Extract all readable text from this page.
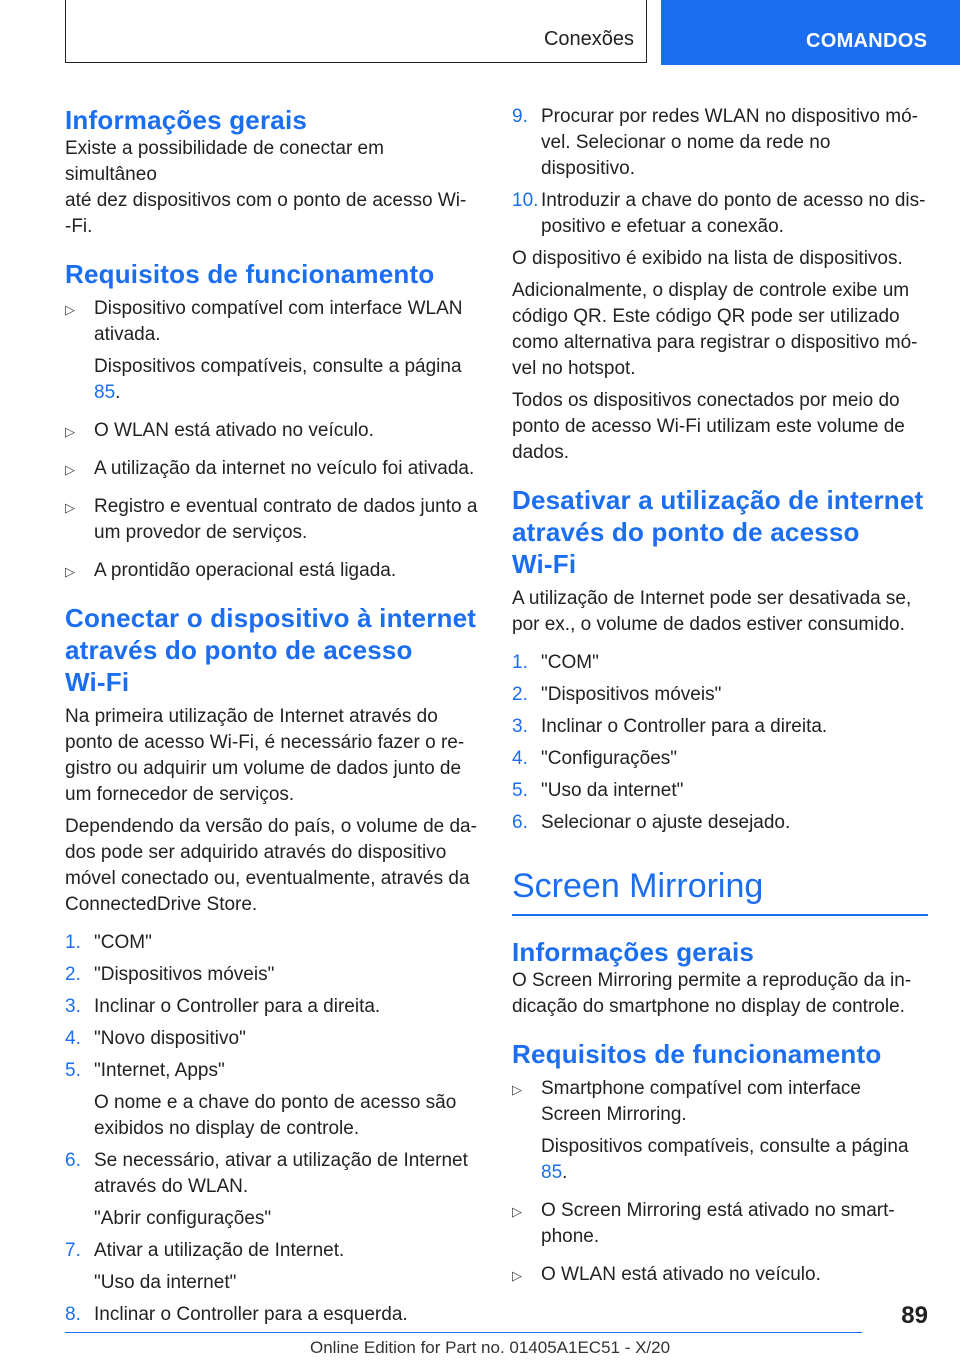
Conexões	COMANDOS
Informações gerais

Existe a possibilidade de conectar em simultâneo
até dez dispositivos com o ponto de acesso Wi‐
‐Fi.

Requisitos de funcionamento
▷ Dispositivo compatível com interface WLAN
ativada.
Dispositivos compatíveis, consulte a página
85.
▷ O WLAN está ativado no veículo.
▷ A utilização da internet no veículo foi ativada.
▷ Registro e eventual contrato de dados junto a
um provedor de serviços.
▷ A prontidão operacional está ligada.
Conectar o dispositivo à internet
através do ponto de acesso Wi‑Fi

Na primeira utilização de Internet através do
ponto de acesso Wi‑Fi, é necessário fazer o re‐
gistro ou adquirir um volume de dados junto de
um fornecedor de serviços.

Dependendo da versão do país, o volume de da‐
dos pode ser adquirido através do dispositivo
móvel conectado ou, eventualmente, através da
ConnectedDrive Store.

1. "COM"
2. "Dispositivos móveis"
3. Inclinar o Controller para a direita.
4. "Novo dispositivo"
5. "Internet, Apps"
O nome e a chave do ponto de acesso são
exibidos no display de controle.
6. Se necessário, ativar a utilização de Internet
através do WLAN.
"Abrir configurações"
7. Ativar a utilização de Internet.
"Uso da internet"
8. Inclinar o Controller para a esquerda.
9. Procurar por redes WLAN no dispositivo mó‐
vel. Selecionar o nome da rede no dispositivo.
10. Introduzir a chave do ponto de acesso no dis‐
positivo e efetuar a conexão.

O dispositivo é exibido na lista de dispositivos.

Adicionalmente, o display de controle exibe um
código QR. Este código QR pode ser utilizado
como alternativa para registrar o dispositivo mó‐
vel no hotspot.

Todos os dispositivos conectados por meio do
ponto de acesso Wi‑Fi utilizam este volume de
dados.

Desativar a utilização de internet
através do ponto de acesso Wi‑Fi

A utilização de Internet pode ser desativada se,
por ex., o volume de dados estiver consumido.

1. "COM"
2. "Dispositivos móveis"
3. Inclinar o Controller para a direita.
4. "Configurações"
5. "Uso da internet"
6. Selecionar o ajuste desejado.
Screen Mirroring
Informações gerais

O Screen Mirroring permite a reprodução da in‐
dicação do smartphone no display de controle.

Requisitos de funcionamento
▷ Smartphone compatível com interface
Screen Mirroring.
Dispositivos compatíveis, consulte a página
85.
▷ O Screen Mirroring está ativado no smart‐
phone.
▷ O WLAN está ativado no veículo.
89
Online Edition for Part no. 01405A1EC51 - X/20
